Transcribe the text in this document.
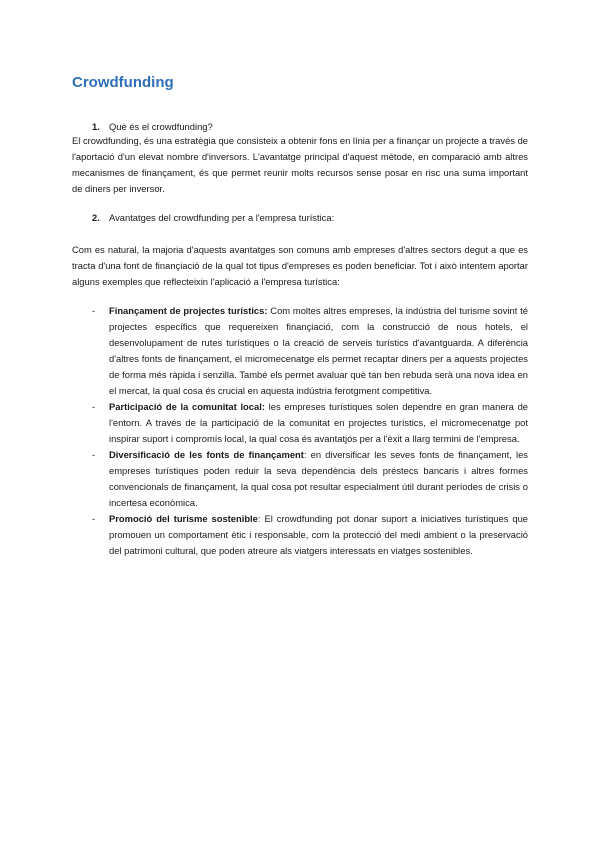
Crowdfunding

1. Què és el crowdfunding?

El crowdfunding, és una estratègia que consisteix a obtenir fons en línia per a finançar un projecte a través de l'aportació d'un elevat nombre d'inversors. L'avantatge principal d'aquest mètode, en comparació amb altres mecanismes de finançament, és que permet reunir molts recursos sense posar en risc una suma important de diners per inversor.

2. Avantatges del crowdfunding per a l'empresa turística:

Com es natural, la majoria d'aquests avantatges son comuns amb empreses d'altres sectors degut a que es tracta d'una font de finançiació de la qual tot tipus d'empreses es poden beneficiar. Tot i això intentem aportar alguns exemples que reflecteixin l'aplicació a l'empresa turística:

- Finançament de projectes turístics: Com moltes altres empreses, la indústria del turisme sovint té projectes específics que requereixen finançiació, com la construcció de nous hotels, el desenvolupament de rutes turístiques o la creació de serveis turístics d'avantguarda. A diferència d'altres fonts de finançament, el micromecenatge els permet recaptar diners per a aquests projectes de forma més ràpida i senzilla. També els permet avaluar què tan ben rebuda serà una nova idea en el mercat, la qual cosa és crucial en aquesta indústria ferotgment competitiva.
- Participació de la comunitat local: les empreses turístiques solen dependre en gran manera de l'entorn. A través de la participació de la comunitat en projectes turístics, el micromecenatge pot inspirar suport i compromís local, la qual cosa és avantatjós per a l'èxit a llarg termini de l'empresa.
- Diversificació de les fonts de finançament: en diversificar les seves fonts de finançament, les empreses turístiques poden reduir la seva dependència dels préstecs bancaris i altres formes convencionals de finançament, la qual cosa pot resultar especialment útil durant períodes de crisis o incertesa econòmica.
- Promoció del turisme sostenible: El crowdfunding pot donar suport a iniciatives turístiques que promouen un comportament ètic i responsable, com la protecció del medi ambient o la preservació del patrimoni cultural, que poden atreure als viatgers interessats en viatges sostenibles.
